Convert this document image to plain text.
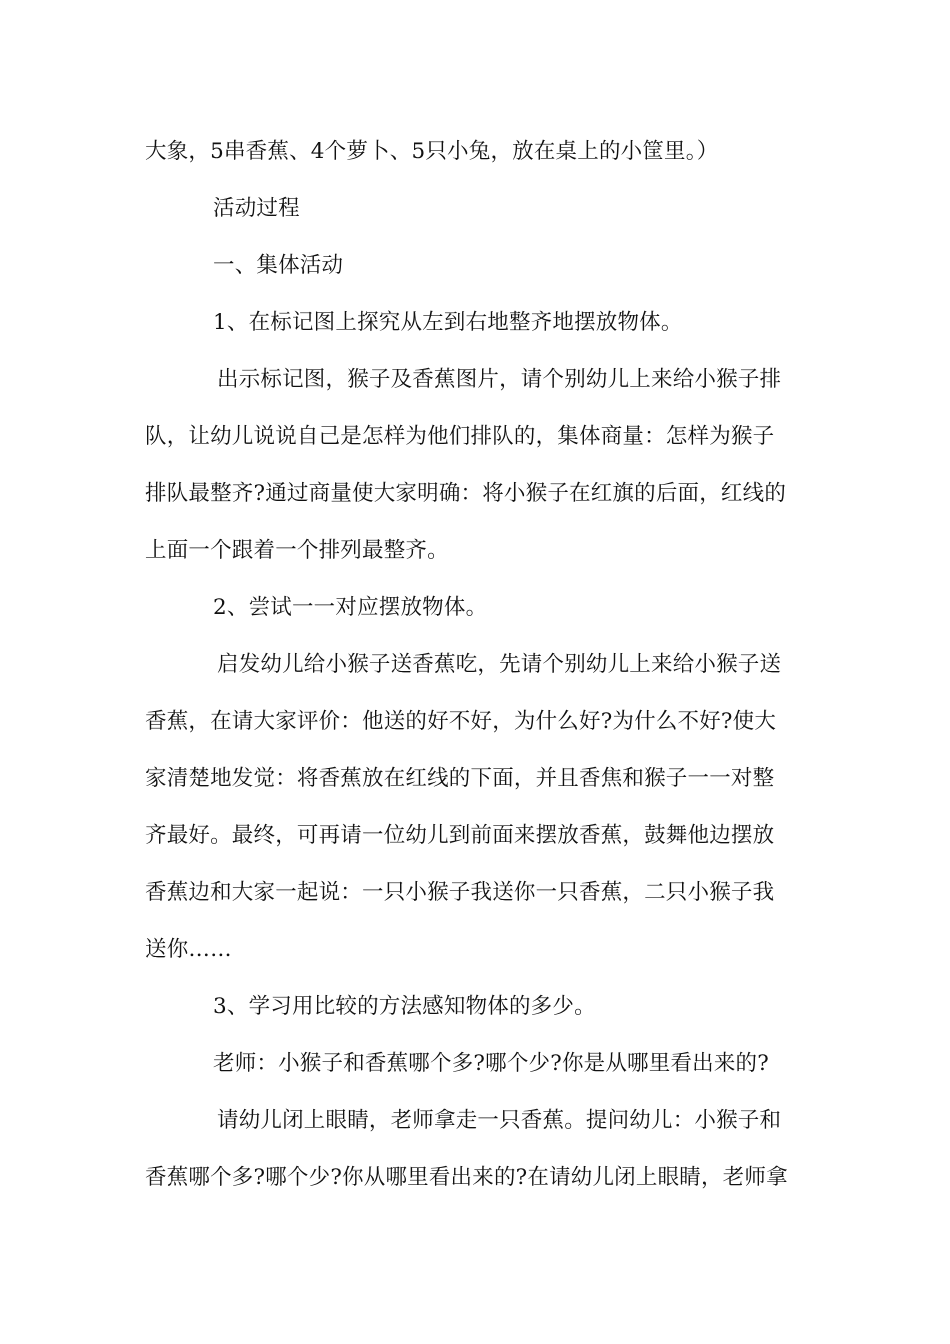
大象，5串香蕉、4个萝卜、5只小兔，放在桌上的小筐里。）
活动过程
一、集体活动
1、在标记图上探究从左到右地整齐地摆放物体。
出示标记图，猴子及香蕉图片，请个别幼儿上来给小猴子排
队，让幼儿说说自己是怎样为他们排队的，集体商量：怎样为猴子
排队最整齐?通过商量使大家明确：将小猴子在红旗的后面，红线的
上面一个跟着一个排列最整齐。
2、尝试一一对应摆放物体。
启发幼儿给小猴子送香蕉吃，先请个别幼儿上来给小猴子送
香蕉，在请大家评价：他送的好不好，为什么好?为什么不好?使大
家清楚地发觉：将香蕉放在红线的下面，并且香焦和猴子一一对整
齐最好。最终，可再请一位幼儿到前面来摆放香蕉，鼓舞他边摆放
香蕉边和大家一起说：一只小猴子我送你一只香蕉，二只小猴子我
送你……
3、学习用比较的方法感知物体的多少。
老师：小猴子和香蕉哪个多?哪个少?你是从哪里看出来的?
请幼儿闭上眼睛，老师拿走一只香蕉。提问幼儿：小猴子和
香蕉哪个多?哪个少?你从哪里看出来的?在请幼儿闭上眼睛，老师拿
